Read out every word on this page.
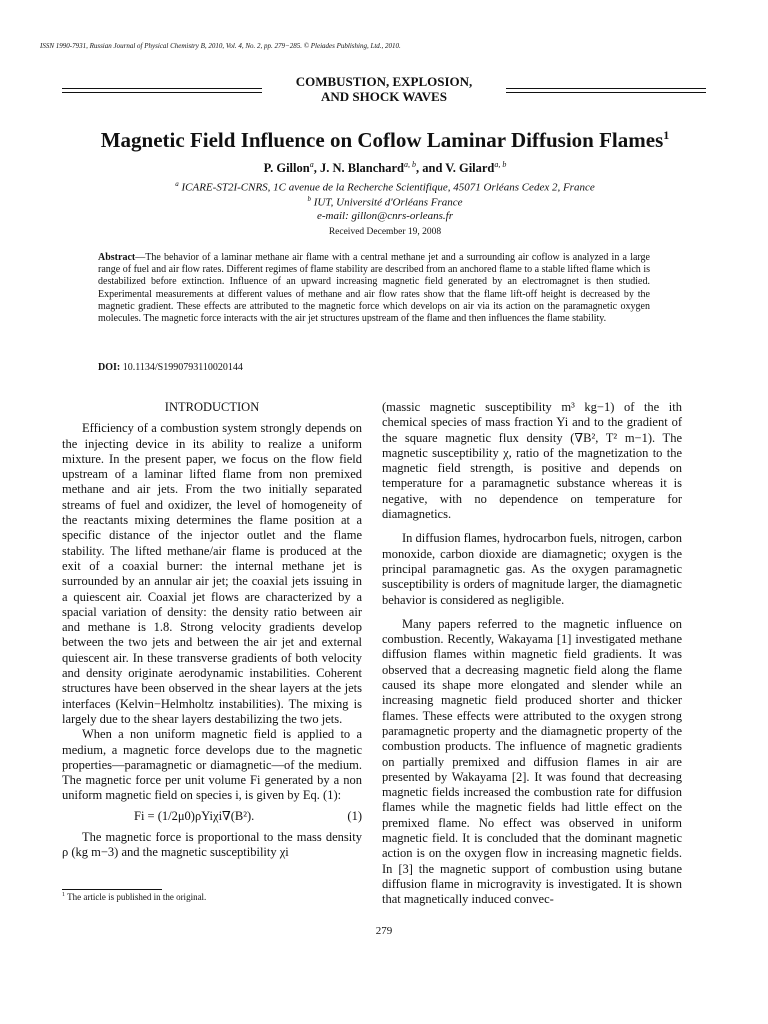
ISSN 1990-7931, Russian Journal of Physical Chemistry B, 2010, Vol. 4, No. 2, pp. 279−285. © Pleiades Publishing, Ltd., 2010.
COMBUSTION, EXPLOSION,
AND SHOCK WAVES
Magnetic Field Influence on Coflow Laminar Diffusion Flames$^1$
P. Gillon$^a$, J. N. Blanchard$^{a, b}$, and V. Gilard$^{a, b}$
$^a$ ICARE-ST2I-CNRS, 1C avenue de la Recherche Scientifique, 45071 Orléans Cedex 2, France
$^b$ IUT, Université d'Orléans France
e-mail: gillon@cnrs-orleans.fr
Received December 19, 2008
Abstract—The behavior of a laminar methane air flame with a central methane jet and a surrounding air coflow is analyzed in a large range of fuel and air flow rates. Different regimes of flame stability are described from an anchored flame to a stable lifted flame which is destabilized before extinction. Influence of an upward increasing magnetic field generated by an electromagnet is then studied. Experimental measurements at different values of methane and air flow rates show that the flame lift-off height is decreased by the magnetic gradient. These effects are attributed to the magnetic force which develops on air via its action on the paramagnetic oxygen molecules. The magnetic force interacts with the air jet structures upstream of the flame and then influences the flame stability.
DOI: 10.1134/S1990793110020144
INTRODUCTION

Efficiency of a combustion system strongly depends on the injecting device in its ability to realize a uniform mixture. In the present paper, we focus on the flow field upstream of a laminar lifted flame from non premixed methane and air jets. From the two initially separated streams of fuel and oxidizer, the level of homogeneity of the reactants mixing determines the flame position at a specific distance of the injector outlet and the flame stability. The lifted methane/air flame is produced at the exit of a coaxial burner: the internal methane jet is surrounded by an annular air jet; the coaxial jets issuing in a quiescent air. Coaxial jet flows are characterized by a spacial variation of density: the density ratio between air and methane is 1.8. Strong velocity gradients develop between the two jets and between the air jet and external quiescent air. In these transverse gradients of both velocity and density originate aerodynamic instabilities. Coherent structures have been observed in the shear layers at the jets interfaces (Kelvin−Helmholtz instabilities). The mixing is largely due to the shear layers destabilizing the two jets.

When a non uniform magnetic field is applied to a medium, a magnetic force develops due to the magnetic properties—paramagnetic or diamagnetic—of the medium. The magnetic force per unit volume Fi generated by a non uniform magnetic field on species i, is given by Eq. (1):

Fi = (1/2μ0)ρYiχi∇(B²).	(1)

The magnetic force is proportional to the mass density ρ (kg m−3) and the magnetic susceptibility χi

(massic magnetic susceptibility m³ kg−1) of the ith chemical species of mass fraction Yi and to the gradient of the square magnetic flux density (∇B², T² m−1). The magnetic susceptibility χ, ratio of the magnetization to the magnetic field strength, is positive and depends on temperature for a paramagnetic substance whereas it is negative, with no dependence on temperature for diamagnetics.

In diffusion flames, hydrocarbon fuels, nitrogen, carbon monoxide, carbon dioxide are diamagnetic; oxygen is the principal paramagnetic gas. As the oxygen paramagnetic susceptibility is orders of magnitude larger, the diamagnetic behavior is considered as negligible.

Many papers referred to the magnetic influence on combustion. Recently, Wakayama [1] investigated methane diffusion flames within magnetic field gradients. It was observed that a decreasing magnetic field along the flame caused its shape more elongated and slender while an increasing magnetic field produced shorter and thicker flames. These effects were attributed to the oxygen strong paramagnetic property and the diamagnetic property of the combustion products. The influence of magnetic gradients on partially premixed and diffusion flames in air are presented by Wakayama [2]. It was found that decreasing magnetic fields increased the combustion rate for diffusion flames while the magnetic fields had little effect on the premixed flame. No effect was observed in uniform magnetic field. It is concluded that the dominant magnetic action is on the oxygen flow in increasing magnetic fields. In [3] the magnetic support of combustion using butane diffusion flame in microgravity is investigated. It is shown that magnetically induced convec-

$^1$ The article is published in the original.
279
